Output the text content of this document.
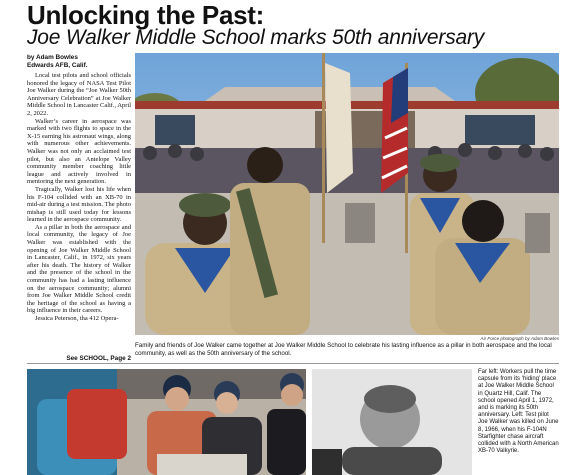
Unlocking the Past:
Joe Walker Middle School marks 50th anniversary
by Adam Bowles
Edwards AFB, Calif.

Local test pilots and school officials honored the legacy of NASA Test Pilot Joe Walker during the “Joe Walker 50th Anniversary Celebration” at Joe Walker Middle School in Lancaster Calif., April 2, 2022.

Walker’s career in aerospace was marked with two flights to space in the X-15 earning his astronaut wings, along with numerous other achievements. Walker was not only an acclaimed test pilot, but also an Antelope Valley community member coaching little league and actively involved in mentoring the next generation.

Tragically, Walker lost his life when his F-104 collided with an XB-70 in mid-air during a test mission. The photo mishap is still used today for lessons learned in the aerospace community.

As a pillar in both the aerospace and local community, the legacy of Joe Walker was established with the opening of Joe Walker Middle School in Lancaster, Calif., in 1972, six years after his death. The history of Walker and the presence of the school in the community has had a lasting influence on the aerospace community; alumni from Joe Walker Middle School credit the heritage of the school as having a big influence in their careers.

Jessica Peterson, tha 412 Opera-

See SCHOOL, Page 2
Air Force photograph by Adam Bowles
Family and friends of Joe Walker came together at Joe Walker Middle School to celebrate his lasting influence as a pillar in both aerospace and the local community, as well as the 50th anniversary of the school.
Far left: Workers pull the time capsule from its ‘hiding’ place at Joe Walker Middle School in Quartz Hill, Calif. The school opened April 1, 1972, and is marking its 50th anniversary. Left: Test pilot Joe Walker was killed on June 8, 1966, when his F-104N Starfighter chase aircraft collided with a North American XB-70 Valkyrie.
